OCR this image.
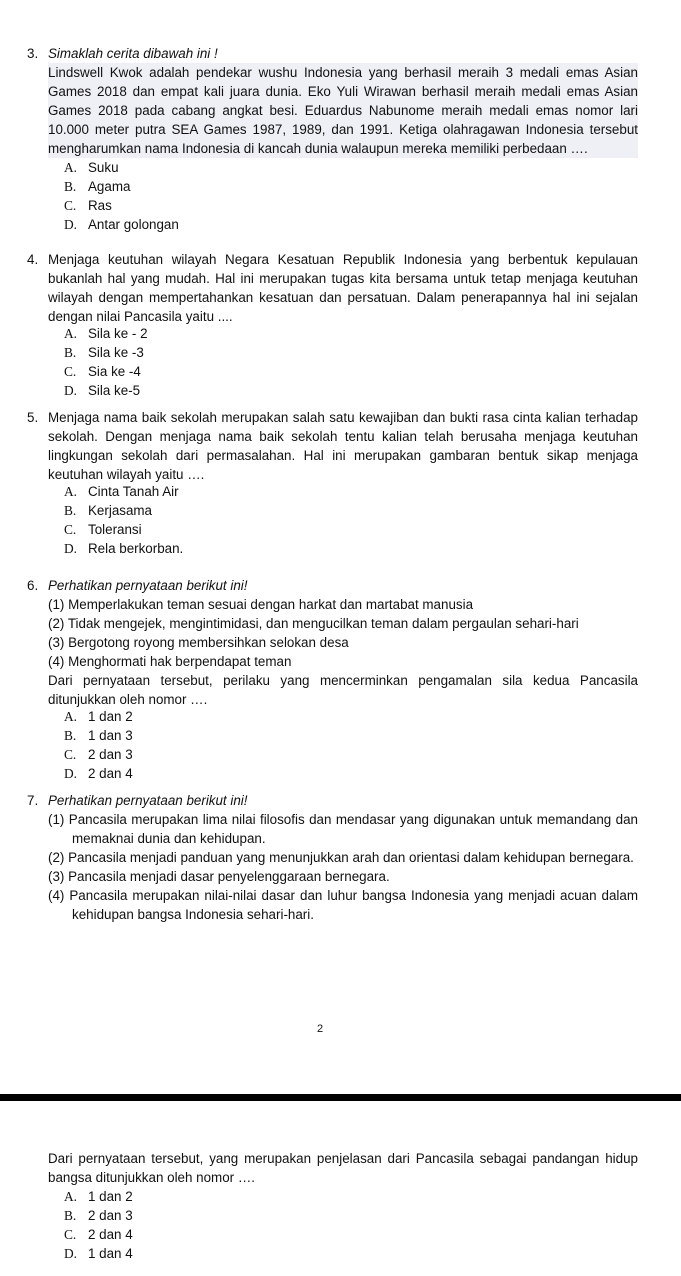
3. Simaklah cerita dibawah ini !

Lindswell Kwok adalah pendekar wushu Indonesia yang berhasil meraih 3 medali emas Asian Games 2018 dan empat kali juara dunia. Eko Yuli Wirawan berhasil meraih medali emas Asian Games 2018 pada cabang angkat besi. Eduardus Nabunome meraih medali emas nomor lari 10.000 meter putra SEA Games 1987, 1989, dan 1991. Ketiga olahragawan Indonesia tersebut mengharumkan nama Indonesia di kancah dunia walaupun mereka memiliki perbedaan ….

A. Suku
B. Agama
C. Ras
D. Antar golongan
4. Menjaga keutuhan wilayah Negara Kesatuan Republik Indonesia yang berbentuk kepulauan bukanlah hal yang mudah. Hal ini merupakan tugas kita bersama untuk tetap menjaga keutuhan wilayah dengan mempertahankan kesatuan dan persatuan. Dalam penerapannya hal ini sejalan dengan nilai Pancasila yaitu ....

A. Sila ke - 2
B. Sila ke -3
C. Sia ke -4
D. Sila ke-5
5. Menjaga nama baik sekolah merupakan salah satu kewajiban dan bukti rasa cinta kalian terhadap sekolah. Dengan menjaga nama baik sekolah tentu kalian telah berusaha menjaga keutuhan lingkungan sekolah dari permasalahan. Hal ini merupakan gambaran bentuk sikap menjaga keutuhan wilayah yaitu ….

A. Cinta Tanah Air
B. Kerjasama
C. Toleransi
D. Rela berkorban.
6. Perhatikan pernyataan berikut ini!

(1) Memperlakukan teman sesuai dengan harkat dan martabat manusia

(2) Tidak mengejek, mengintimidasi, dan mengucilkan teman dalam pergaulan sehari-hari

(3) Bergotong royong membersihkan selokan desa

(4) Menghormati hak berpendapat teman

Dari pernyataan tersebut, perilaku yang mencerminkan pengamalan sila kedua Pancasila ditunjukkan oleh nomor ….

A. 1 dan 2
B. 1 dan 3
C. 2 dan 3
D. 2 dan 4
7. Perhatikan pernyataan berikut ini!

(1) Pancasila merupakan lima nilai filosofis dan mendasar yang digunakan untuk memandang dan memaknai dunia dan kehidupan.

(2) Pancasila menjadi panduan yang menunjukkan arah dan orientasi dalam kehidupan bernegara.

(3) Pancasila menjadi dasar penyelenggaraan bernegara.

(4) Pancasila merupakan nilai-nilai dasar dan luhur bangsa Indonesia yang menjadi acuan dalam kehidupan bangsa Indonesia sehari-hari.

2

Dari pernyataan tersebut, yang merupakan penjelasan dari Pancasila sebagai pandangan hidup bangsa ditunjukkan oleh nomor ….

A. 1 dan 2
B. 2 dan 3
C. 2 dan 4
D. 1 dan 4
